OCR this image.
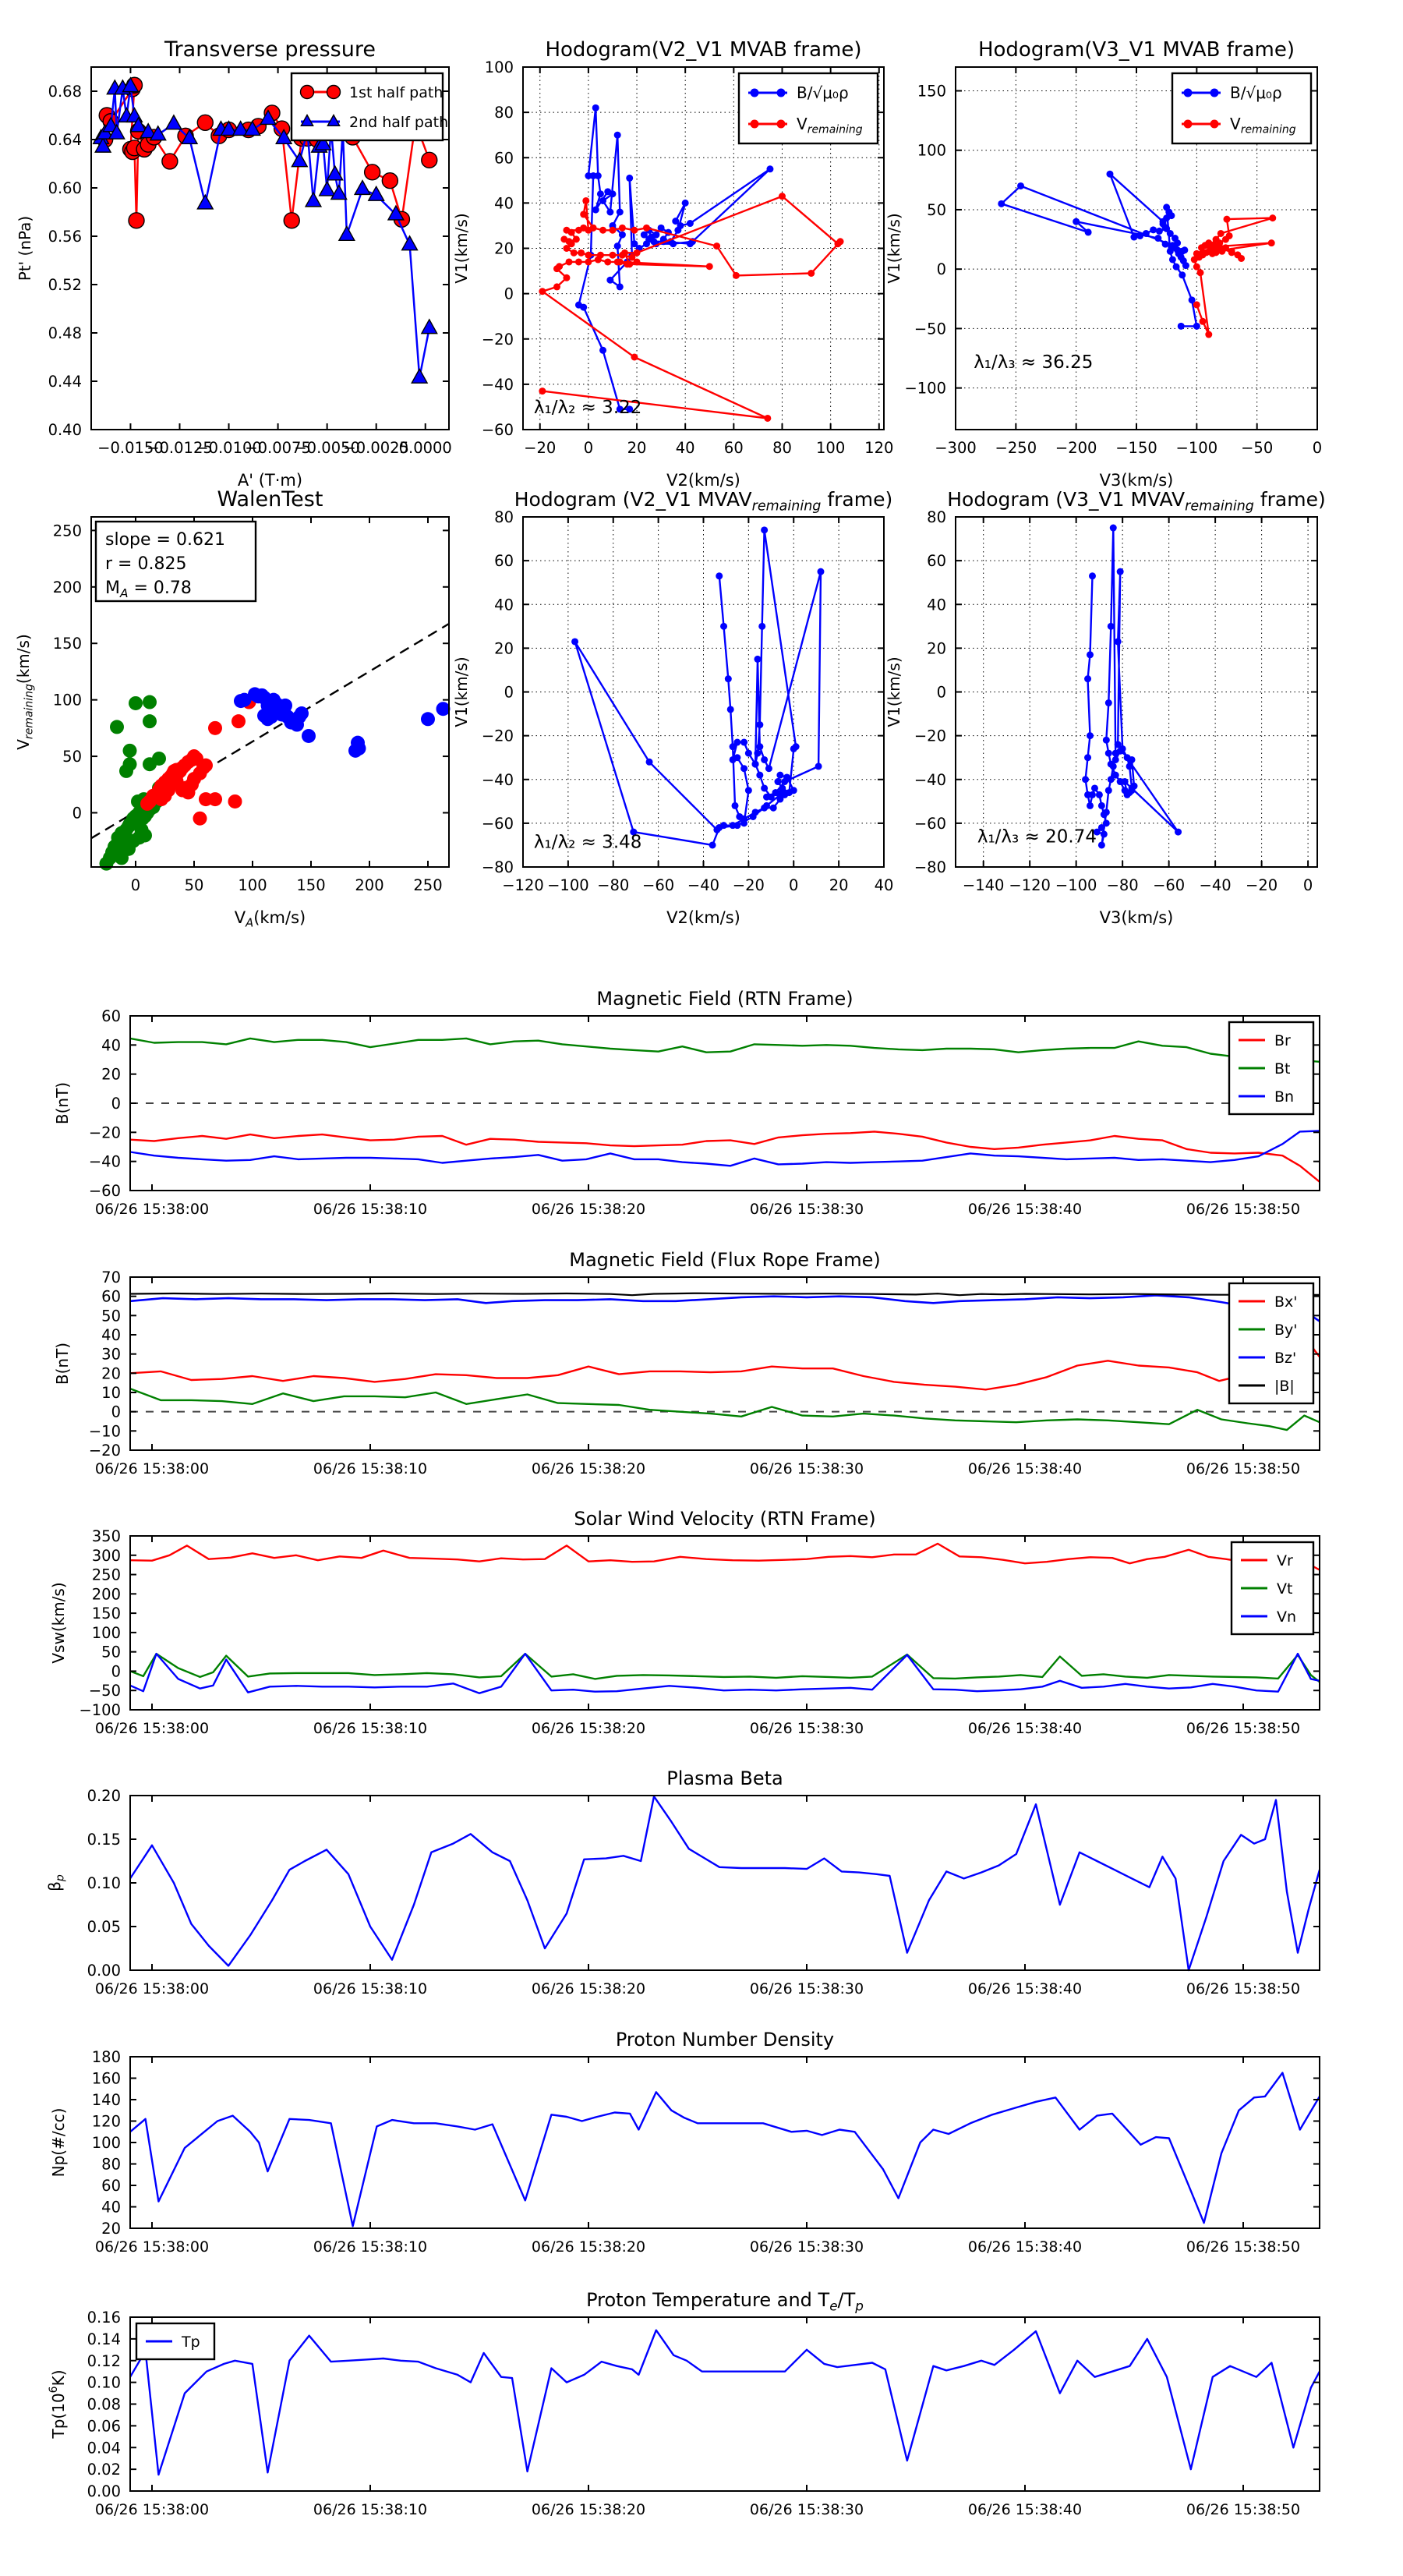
−0.0150
−0.0125
−0.0100
−0.0075
−0.0050
−0.0025
0.0000
0.40
0.44
0.48
0.52
0.56
0.60
0.64
0.68
Transverse pressure
A' (T·m)
Pt' (nPa)
1st half path
2nd half path
−20 0 20 40 60 80 100 120
−60
−40
−20
0
20
40
60
80
100
Hodogram(V2_V1 MVAB frame)
V2(km/s)
V1(km/s)
λ₁/λ₂ ≈ 3.22
B/√μ₀ρ
$V_{remaining}$
−300 −250 −200 −150 −100 −50	0
−100
−50
0
50
100
150
Hodogram(V3_V1 MVAB frame)
V3(km/s)
V1(km/s)
λ₁/λ₃ ≈ 36.25
B/√μ₀ρ
$V_{remaining}$
0	50 100 150 200 250
0
50
100
150
200
250
WalenTest
$V_A(km/s)$
$V_{remaining}(km/s)$
slope = 0.621
r = 0.825
$M_A = 0.78$
−120 −100 −80 −60 −40 −20 0 20 40
−80
−60
−40
−20
0
20
40
60
80
Hodogram (V2_V1 $MVAV_{remaining}$ frame)
V2(km/s)
V1(km/s)
λ₁/λ₂ ≈ 3.48
−140 −120 −100 −80 −60 −40 −20 0
−80
−60
−40
−20
0
20
40
60
80
Hodogram (V3_V1 $MVAV_{remaining}$ frame)
V3(km/s)
V1(km/s)
λ₁/λ₃ ≈ 20.74
06/26 15:38:00	06/26 15:38:10	06/26 15:38:20	06/26 15:38:30	06/26 15:38:40	06/26 15:38:50
−60
−40
−20
0
20
40
60
Magnetic Field (RTN Frame)
B(nT)
Br
Bt
Bn
06/26 15:38:00	06/26 15:38:10	06/26 15:38:20	06/26 15:38:30	06/26 15:38:40	06/26 15:38:50
−20
−10
0
10
20
30
40
50
60
70
Magnetic Field (Flux Rope Frame)
B(nT)
Bx'
By'
Bz'
|B|
06/26 15:38:00	06/26 15:38:10	06/26 15:38:20	06/26 15:38:30	06/26 15:38:40	06/26 15:38:50
−100
−50
0
50
100
150
200
250
300
350
Solar Wind Velocity (RTN Frame)
Vsw(km/s)
Vr
Vt
Vn
06/26 15:38:00	06/26 15:38:10	06/26 15:38:20	06/26 15:38:30	06/26 15:38:40	06/26 15:38:50
0.00
0.05
0.10
0.15
0.20
Plasma Beta
$\beta_p$
06/26 15:38:00	06/26 15:38:10	06/26 15:38:20	06/26 15:38:30	06/26 15:38:40	06/26 15:38:50
20
40
60
80
100
120
140
160
180
Proton Number Density
Np(#/cc)
06/26 15:38:00	06/26 15:38:10	06/26 15:38:20	06/26 15:38:30	06/26 15:38:40	06/26 15:38:50
0.00
0.02
0.04
0.06
0.08
0.10
0.12
0.14
0.16
Proton Temperature and $T_e/T_p$
$Tp(10^6K)$
Tp
